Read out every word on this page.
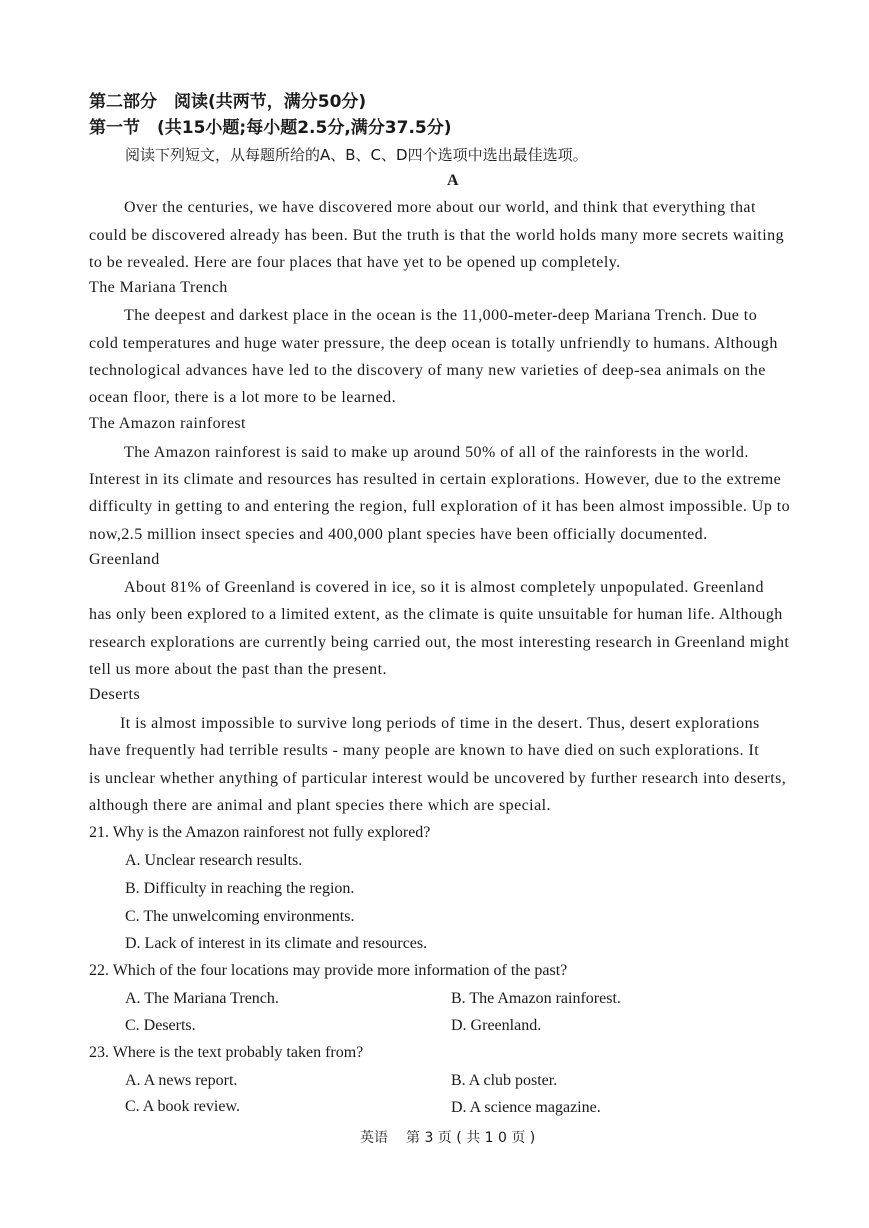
第二部分　阅读(共两节，满分50分)
第一节　(共15小题;每小题2.5分,满分37.5分)
阅读下列短文，从每题所给的A、B、C、D四个选项中选出最佳选项。
A
Over the centuries, we have discovered more about our world, and think that everything that
could be discovered already has been. But the truth is that the world holds many more secrets waiting
to be revealed. Here are four places that have yet to be opened up completely.
The Mariana Trench
The deepest and darkest place in the ocean is the 11,000-meter-deep Mariana Trench. Due to
cold temperatures and huge water pressure, the deep ocean is totally unfriendly to humans. Although
technological advances have led to the discovery of many new varieties of deep-sea animals on the
ocean floor, there is a lot more to be learned.
The Amazon rainforest
The Amazon rainforest is said to make up around 50% of all of the rainforests in the world.
Interest in its climate and resources has resulted in certain explorations. However, due to the extreme
difficulty in getting to and entering the region, full exploration of it has been almost impossible. Up to
now,2.5 million insect species and 400,000 plant species have been officially documented.
Greenland
About 81% of Greenland is covered in ice, so it is almost completely unpopulated. Greenland
has only been explored to a limited extent, as the climate is quite unsuitable for human life. Although
research explorations are currently being carried out, the most interesting research in Greenland might
tell us more about the past than the present.
Deserts
It is almost impossible to survive long periods of time in the desert. Thus, desert explorations
have frequently had terrible results - many people are known to have died on such explorations. It
is unclear whether anything of particular interest would be uncovered by further research into deserts,
although there are animal and plant species there which are special.
21. Why is the Amazon rainforest not fully explored?
A. Unclear research results.
B. Difficulty in reaching the region.
C. The unwelcoming environments.
D. Lack of interest in its climate and resources.
22. Which of the four locations may provide more information of the past?
A. The Mariana Trench.	B. The Amazon rainforest.
C. Deserts.	D. Greenland.
23. Where is the text probably taken from?
A. A news report.	B. A club poster.
C. A book review.	D. A science magazine.
英语 第 3 页 ( 共 1 0 页 )
